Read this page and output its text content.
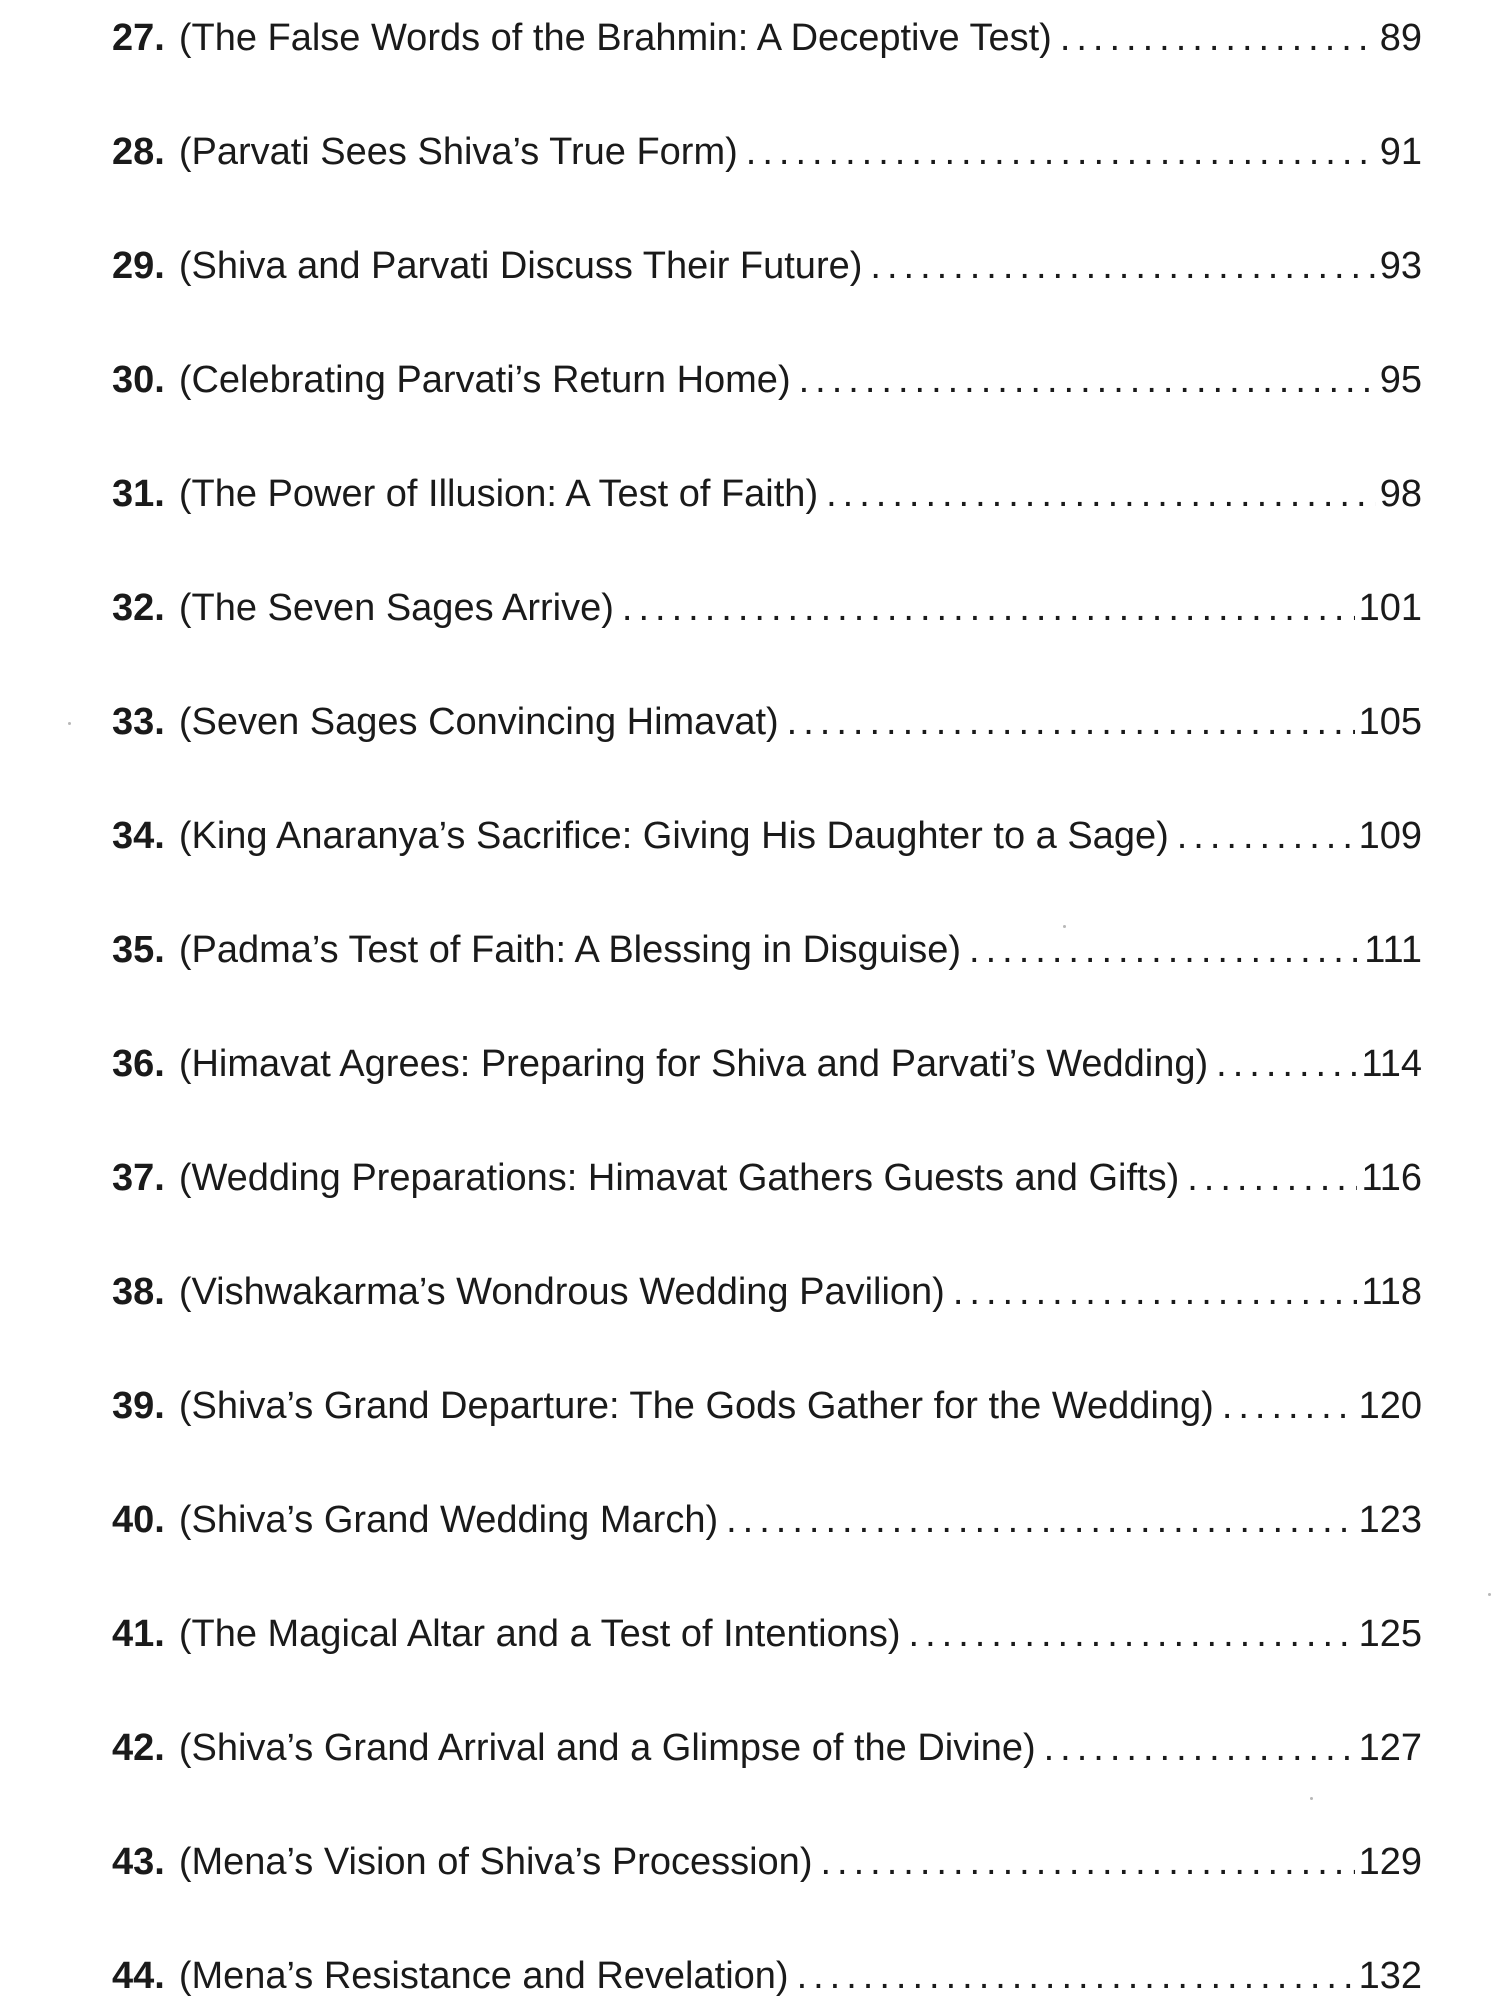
27. (The False Words of the Brahmin: A Deceptive Test) .....	89
28. (Parvati Sees Shiva’s True Form) .....	91
29. (Shiva and Parvati Discuss Their Future) .....	93
30. (Celebrating Parvati’s Return Home) .....	95
31. (The Power of Illusion: A Test of Faith) .....	98
32. (The Seven Sages Arrive) .....	101
33. (Seven Sages Convincing Himavat) .....	105
34. (King Anaranya’s Sacrifice: Giving His Daughter to a Sage) .....	109
35. (Padma’s Test of Faith: A Blessing in Disguise) .....	111
36. (Himavat Agrees: Preparing for Shiva and Parvati’s Wedding) .....	114
37. (Wedding Preparations: Himavat Gathers Guests and Gifts) .....	116
38. (Vishwakarma’s Wondrous Wedding Pavilion) .....	118
39. (Shiva’s Grand Departure: The Gods Gather for the Wedding) .....	120
40. (Shiva’s Grand Wedding March) .....	123
41. (The Magical Altar and a Test of Intentions) .....	125
42. (Shiva’s Grand Arrival and a Glimpse of the Divine) .....	127
43. (Mena’s Vision of Shiva’s Procession) .....	129
44. (Mena’s Resistance and Revelation) .....	132
